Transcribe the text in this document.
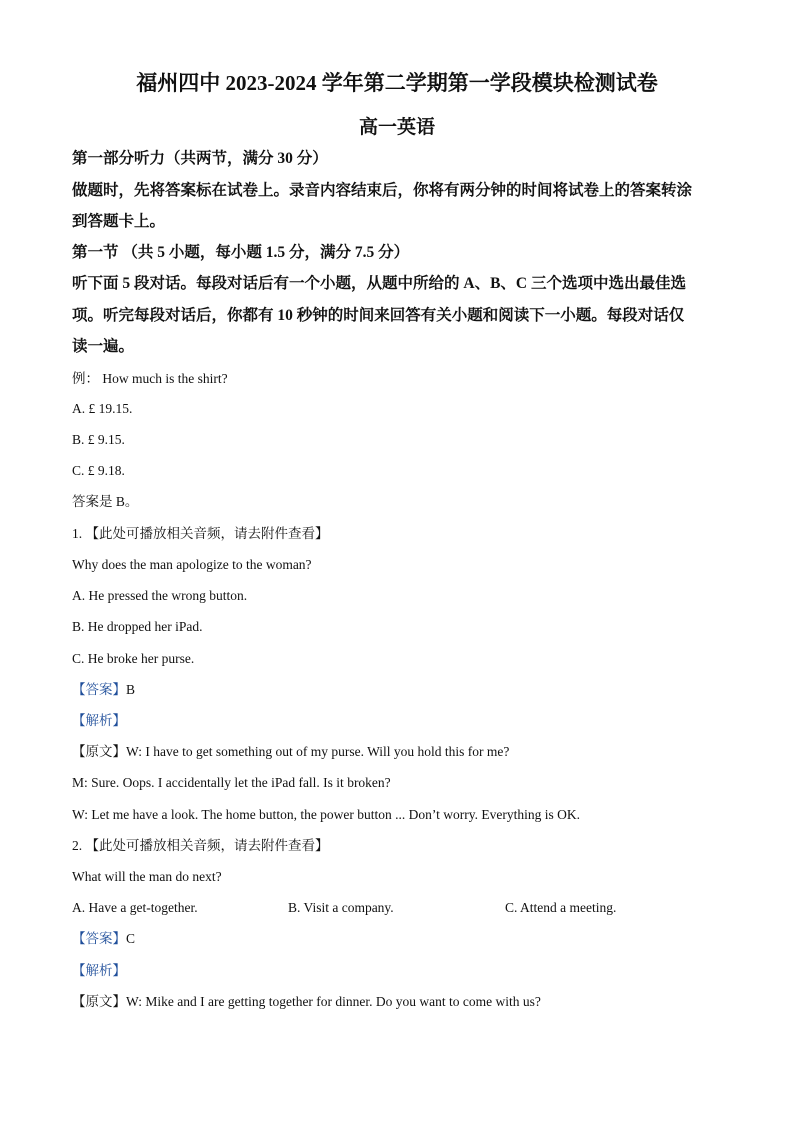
福州四中 2023-2024 学年第二学期第一学段模块检测试卷
高一英语
第一部分听力（共两节，满分 30 分）
做题时，先将答案标在试卷上。录音内容结束后，你将有两分钟的时间将试卷上的答案转涂
到答题卡上。
第一节 （共 5 小题，每小题 1.5 分，满分 7.5 分）
听下面 5 段对话。每段对话后有一个小题，从题中所给的 A、B、C 三个选项中选出最佳选
项。听完每段对话后，你都有 10 秒钟的时间来回答有关小题和阅读下一小题。每段对话仅
读一遍。
例： How much is the shirt?
A. £ 19.15.
B. £ 9.15.
C. £ 9.18.
答案是 B。
1. 【此处可播放相关音频，请去附件查看】
Why does the man apologize to the woman?
A. He pressed the wrong button.
B. He dropped her iPad.
C. He broke her purse.
【答案】B
【解析】
【原文】W: I have to get something out of my purse. Will you hold this for me?
M: Sure. Oops. I accidentally let the iPad fall. Is it broken?
W: Let me have a look. The home button, the power button ... Don’t worry. Everything is OK.
2. 【此处可播放相关音频，请去附件查看】
What will the man do next?
A. Have a get-together.	B. Visit a company.	C. Attend a meeting.
【答案】C
【解析】
【原文】W: Mike and I are getting together for dinner. Do you want to come with us?
